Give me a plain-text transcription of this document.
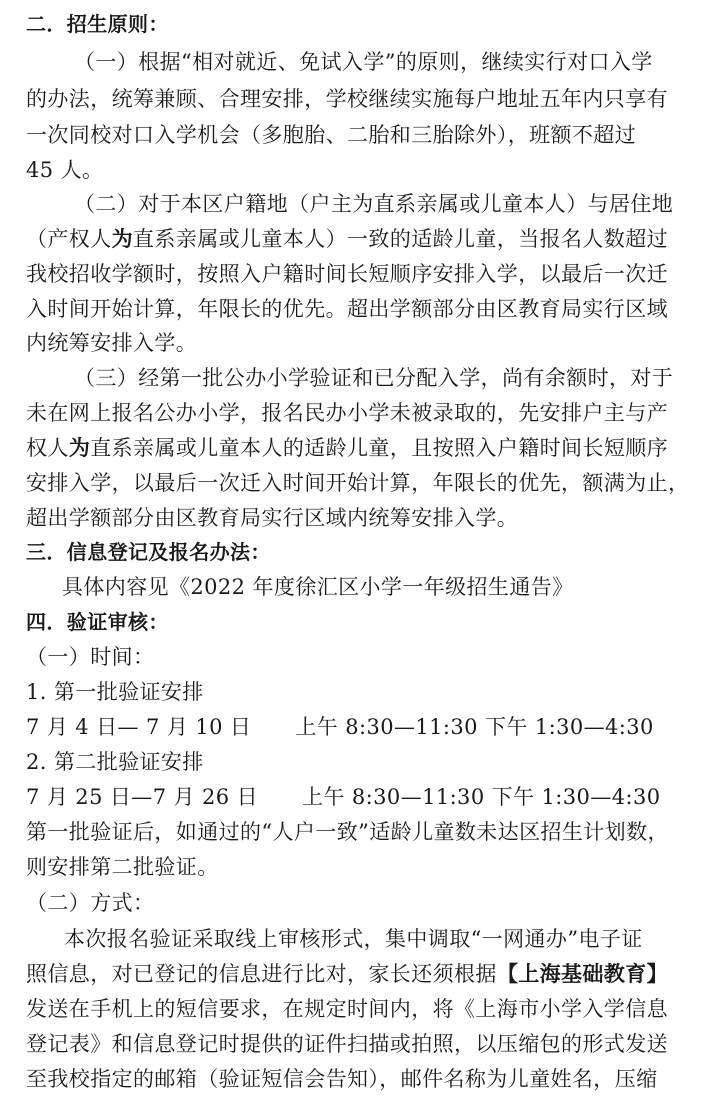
二．招生原则：
（一）根据“相对就近、免试入学”的原则，继续实行对口入学
的办法，统筹兼顾、合理安排，学校继续实施每户地址五年内只享有
一次同校对口入学机会（多胞胎、二胎和三胎除外），班额不超过
45 人。
（二）对于本区户籍地（户主为直系亲属或儿童本人）与居住地
（产权人为直系亲属或儿童本人）一致的适龄儿童，当报名人数超过
我校招收学额时，按照入户籍时间长短顺序安排入学，以最后一次迁
入时间开始计算，年限长的优先。超出学额部分由区教育局实行区域
内统筹安排入学。
（三）经第一批公办小学验证和已分配入学，尚有余额时，对于
未在网上报名公办小学，报名民办小学未被录取的，先安排户主与产
权人为直系亲属或儿童本人的适龄儿童，且按照入户籍时间长短顺序
安排入学，以最后一次迁入时间开始计算，年限长的优先，额满为止，
超出学额部分由区教育局实行区域内统筹安排入学。
三．信息登记及报名办法：
具体内容见《2022 年度徐汇区小学一年级招生通告》
四．验证审核：
（一）时间：
1. 第一批验证安排
7 月 4 日— 7 月 10 日 上午 8:30—11:30 下午 1:30—4:30
2. 第二批验证安排
7 月 25 日—7 月 26 日 上午 8:30—11:30 下午 1:30—4:30
第一批验证后，如通过的“人户一致”适龄儿童数未达区招生计划数，
则安排第二批验证。
（二）方式：
本次报名验证采取线上审核形式，集中调取“一网通办”电子证
照信息，对已登记的信息进行比对，家长还须根据【上海基础教育】
发送在手机上的短信要求，在规定时间内，将《上海市小学入学信息
登记表》和信息登记时提供的证件扫描或拍照，以压缩包的形式发送
至我校指定的邮箱（验证短信会告知），邮件名称为儿童姓名，压缩
